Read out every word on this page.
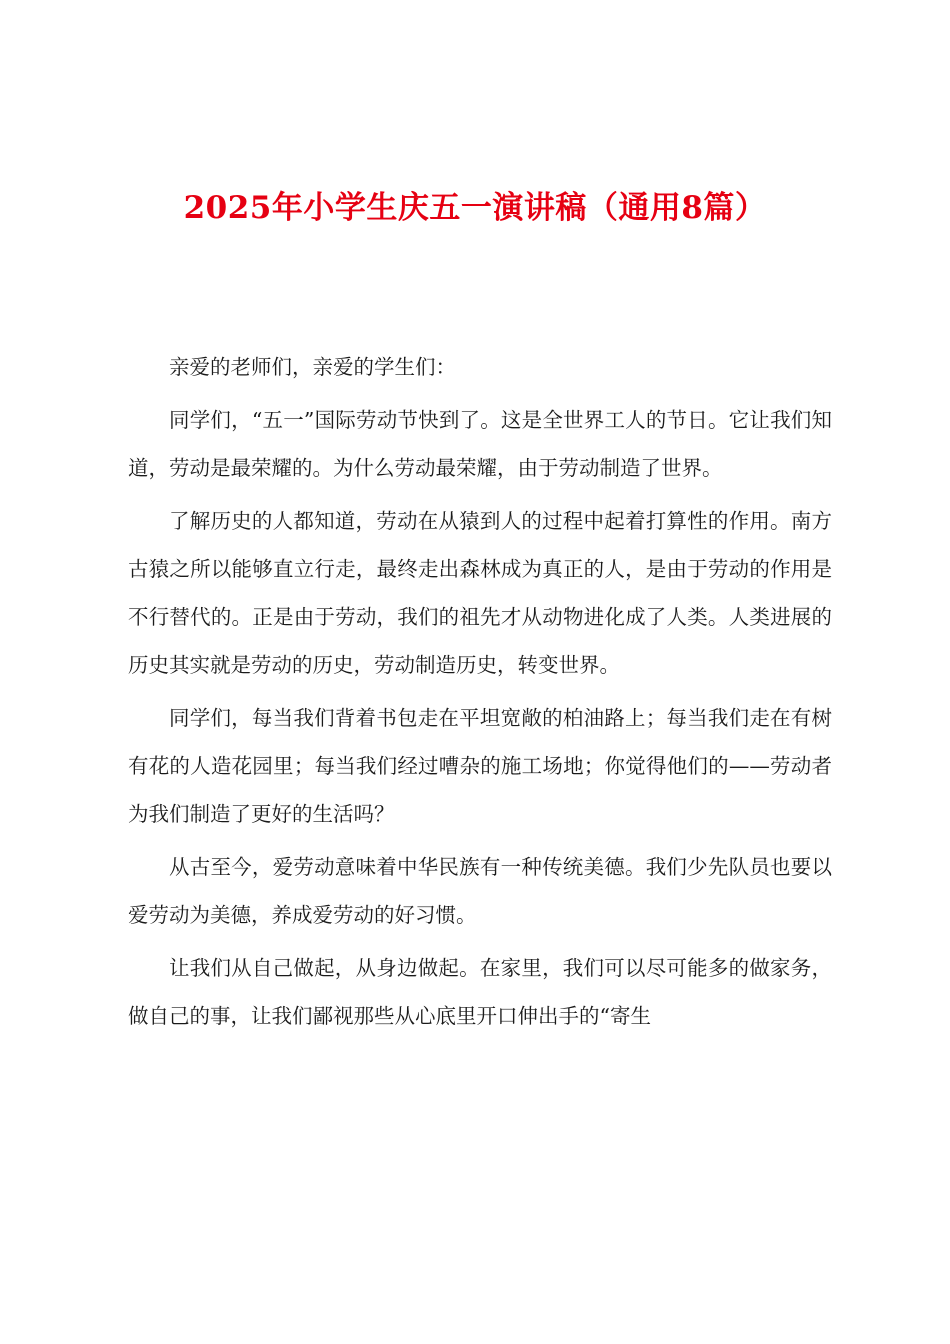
2025年小学生庆五一演讲稿（通用8篇）

亲爱的老师们，亲爱的学生们：

同学们，“五一”国际劳动节快到了。这是全世界工人的节日。它让我们知道，劳动是最荣耀的。为什么劳动最荣耀，由于劳动制造了世界。

了解历史的人都知道，劳动在从猿到人的过程中起着打算性的作用。南方古猿之所以能够直立行走，最终走出森林成为真正的人，是由于劳动的作用是不行替代的。正是由于劳动，我们的祖先才从动物进化成了人类。人类进展的历史其实就是劳动的历史，劳动制造历史，转变世界。

同学们，每当我们背着书包走在平坦宽敞的柏油路上；每当我们走在有树有花的人造花园里；每当我们经过嘈杂的施工场地；你觉得他们的——劳动者为我们制造了更好的生活吗？

从古至今，爱劳动意味着中华民族有一种传统美德。我们少先队员也要以爱劳动为美德，养成爱劳动的好习惯。

让我们从自己做起，从身边做起。在家里，我们可以尽可能多的做家务，做自己的事，让我们鄙视那些从心底里开口伸出手的“寄生
